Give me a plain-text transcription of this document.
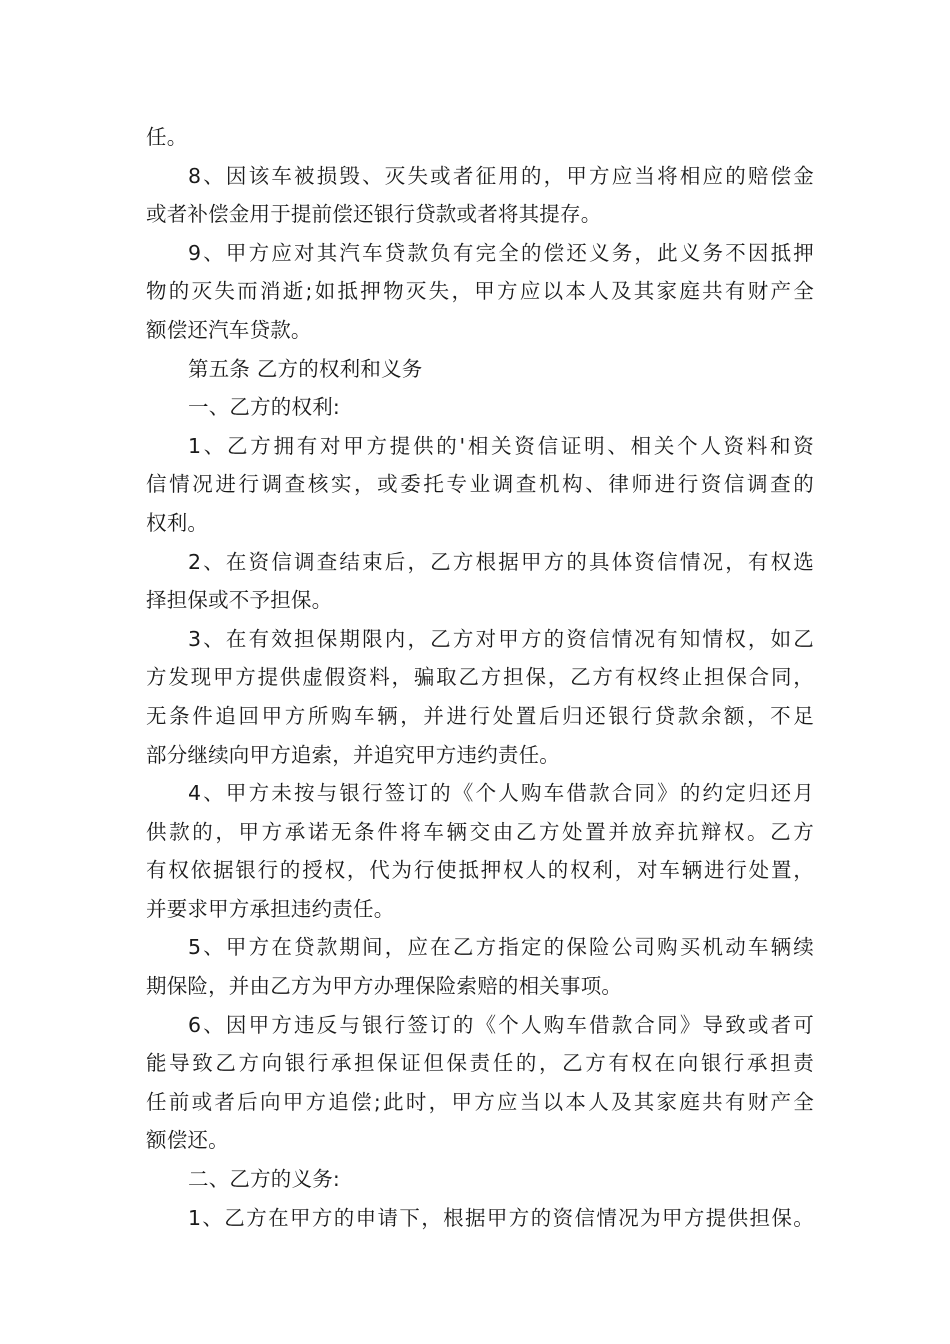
任。
8、因该车被损毁、灭失或者征用的，甲方应当将相应的赔偿金
或者补偿金用于提前偿还银行贷款或者将其提存。
9、甲方应对其汽车贷款负有完全的偿还义务，此义务不因抵押
物的灭失而消逝;如抵押物灭失，甲方应以本人及其家庭共有财产全
额偿还汽车贷款。
第五条 乙方的权利和义务
一、乙方的权利:
1、乙方拥有对甲方提供的'相关资信证明、相关个人资料和资
信情况进行调查核实，或委托专业调查机构、律师进行资信调查的
权利。
2、在资信调查结束后，乙方根据甲方的具体资信情况，有权选
择担保或不予担保。
3、在有效担保期限内，乙方对甲方的资信情况有知情权，如乙
方发现甲方提供虚假资料，骗取乙方担保，乙方有权终止担保合同，
无条件追回甲方所购车辆，并进行处置后归还银行贷款余额，不足
部分继续向甲方追索，并追究甲方违约责任。
4、甲方未按与银行签订的《个人购车借款合同》的约定归还月
供款的，甲方承诺无条件将车辆交由乙方处置并放弃抗辩权。乙方
有权依据银行的授权，代为行使抵押权人的权利，对车辆进行处置，
并要求甲方承担违约责任。
5、甲方在贷款期间，应在乙方指定的保险公司购买机动车辆续
期保险，并由乙方为甲方办理保险索赔的相关事项。
6、因甲方违反与银行签订的《个人购车借款合同》导致或者可
能导致乙方向银行承担保证但保责任的，乙方有权在向银行承担责
任前或者后向甲方追偿;此时，甲方应当以本人及其家庭共有财产全
额偿还。
二、乙方的义务:
1、乙方在甲方的申请下，根据甲方的资信情况为甲方提供担保。
